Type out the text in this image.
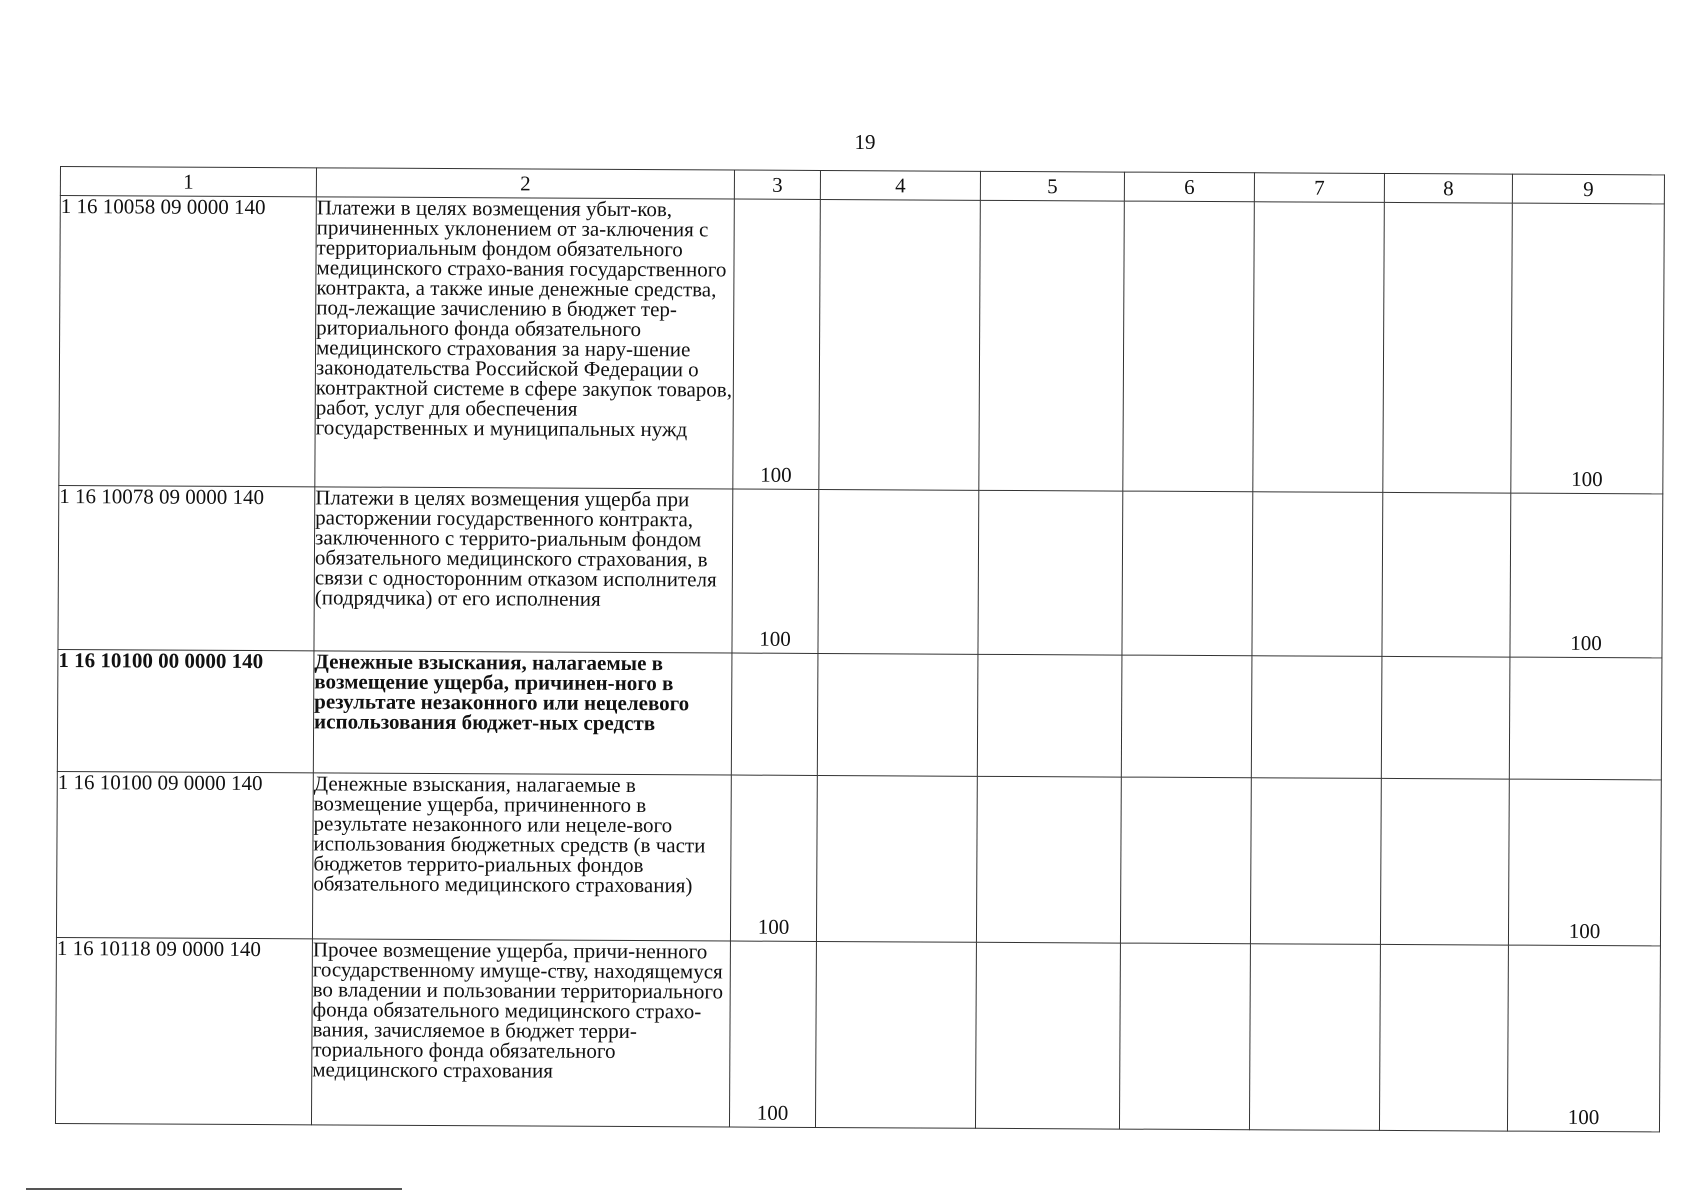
19
1	2	3	4	5	6	7	8	9
1 16 10058 09 0000 140	Платежи в целях возмещения убыт-ков, причиненных уклонением от за-ключения с территориальным фондом обязательного медицинского страхо-вания государственного контракта, а также иные денежные средства, под-лежащие зачислению в бюджет тер-риториального фонда обязательного медицинского страхования за нару-шение законодательства Российской Федерации о контрактной системе в сфере закупок товаров, работ, услуг для обеспечения государственных и муниципальных нужд	100						100

1 16 10078 09 0000 140	Платежи в целях возмещения ущерба при расторжении государственного контракта, заключенного с террито-риальным фондом обязательного медицинского страхования, в связи с односторонним отказом исполнителя (подрядчика) от его исполнения	100						100

1 16 10100 00 0000 140	Денежные взыскания, налагаемые в возмещение ущерба, причинен-ного в результате незаконного или нецелевого использования бюджет-ных средств	

1 16 10100 09 0000 140	Денежные взыскания, налагаемые в возмещение ущерба, причиненного в результате незаконного или нецеле-вого использования бюджетных средств (в части бюджетов террито-риальных фондов обязательного медицинского страхования)	100						100

1 16 10118 09 0000 140	Прочее возмещение ущерба, причи-ненного государственному имуще-ству, находящемуся во владении и пользовании территориального фонда обязательного медицинского страхо-вания, зачисляемое в бюджет терри-ториального фонда обязательного медицинского страхования	100						100
